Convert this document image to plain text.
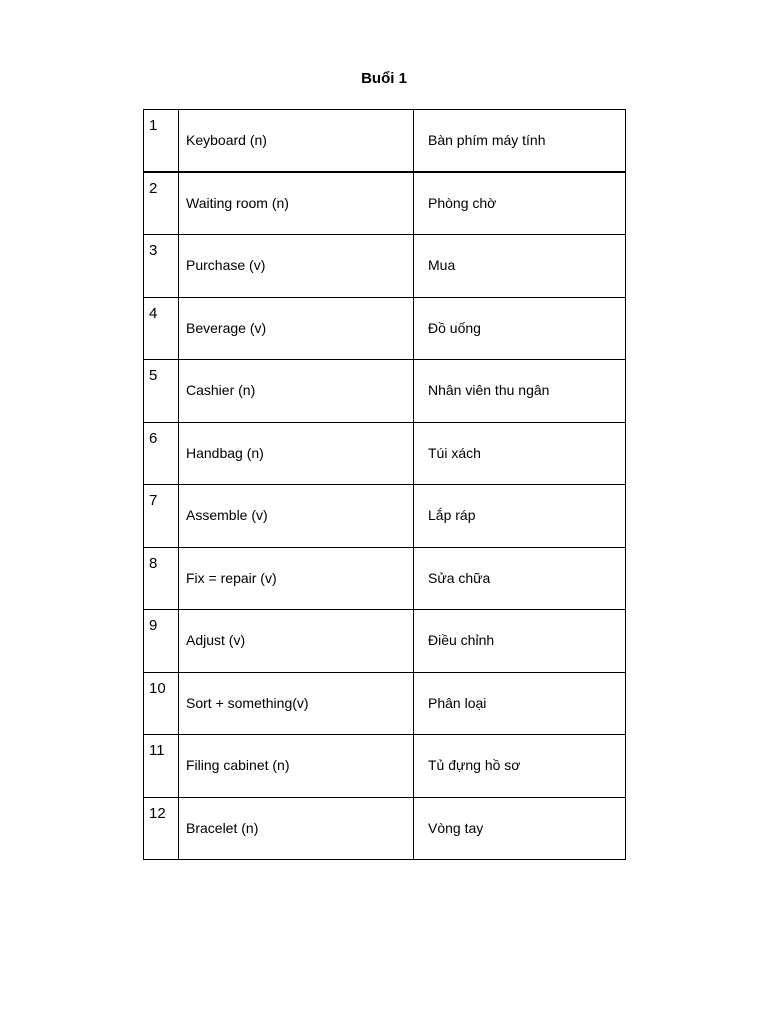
Buổi 1
1	Keyboard (n)	Bàn phím máy tính
2	Waiting room (n)	Phòng chờ
3	Purchase (v)	Mua
4	Beverage (v)	Đồ uống
5	Cashier (n)	Nhân viên thu ngân
6	Handbag (n)	Túi xách
7	Assemble (v)	Lắp ráp
8	Fix = repair (v)	Sửa chữa
9	Adjust (v)	Điều chỉnh
10	Sort + something(v)	Phân loại
11	Filing cabinet (n)	Tủ đựng hồ sơ
12	Bracelet (n)	Vòng tay
